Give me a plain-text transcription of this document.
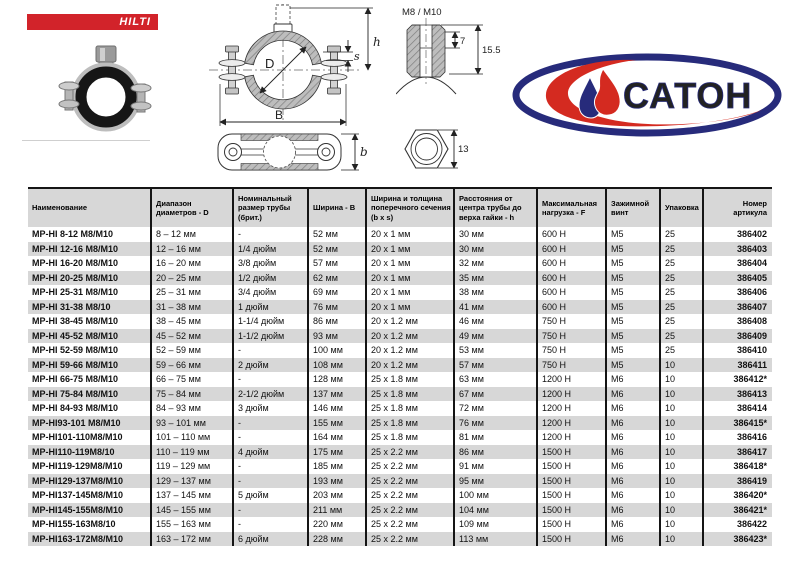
HILTI
D
h
s
B
b
M8 / M10
7
15.5
13
САТОН
Наименование	Диапазон диаметров - D	Номинальный размер трубы (брит.)	Ширина - B	Ширина и толщина поперечного сечения (b x s)	Расстояния от центра трубы до верха гайки - h	Максимальная нагрузка - F	Зажимной винт	Упаковка	Номер артикула
MP-HI 8-12 M8/M10	8 – 12 мм	-	52 мм	20 x 1 мм	30 мм	600 Н	M5	25	386402
MP-HI 12-16 M8/M10	12 – 16 мм	1/4 дюйм	52 мм	20 x 1 мм	30 мм	600 Н	M5	25	386403
MP-HI 16-20 M8/M10	16 – 20 мм	3/8 дюйм	57 мм	20 x 1 мм	32 мм	600 Н	M5	25	386404
MP-HI 20-25 M8/M10	20 – 25 мм	1/2 дюйм	62 мм	20 x 1 мм	35 мм	600 Н	M5	25	386405
MP-HI 25-31 M8/M10	25 – 31 мм	3/4 дюйм	69 мм	20 x 1 мм	38 мм	600 Н	M5	25	386406
MP-HI 31-38 M8/10	31 – 38 мм	1 дюйм	76 мм	20 x 1 мм	41 мм	600 Н	M5	25	386407
MP-HI 38-45 M8/M10	38 – 45 мм	1-1/4 дюйм	86 мм	20 x 1.2 мм	46 мм	750 Н	M5	25	386408
MP-HI 45-52 M8/M10	45 – 52 мм	1-1/2 дюйм	93 мм	20 x 1.2 мм	49 мм	750 Н	M5	25	386409
MP-HI 52-59 M8/M10	52 – 59 мм	-	100 мм	20 x 1.2 мм	53 мм	750 Н	M5	25	386410
MP-HI 59-66 M8/M10	59 – 66 мм	2 дюйм	108 мм	20 x 1.2 мм	57 мм	750 Н	M5	10	386411
MP-HI 66-75 M8/M10	66 – 75 мм	-	128 мм	25 x 1.8 мм	63 мм	1200 Н	M6	10	386412*
MP-HI 75-84 M8/M10	75 – 84 мм	2-1/2 дюйм	137 мм	25 x 1.8 мм	67 мм	1200 Н	M6	10	386413
MP-HI 84-93 M8/M10	84 – 93 мм	3 дюйм	146 мм	25 x 1.8 мм	72 мм	1200 Н	M6	10	386414
MP-HI93-101 M8/M10	93 – 101 мм	-	155 мм	25 x 1.8 мм	76 мм	1200 Н	M6	10	386415*
MP-HI101-110M8/M10	101 – 110 мм	-	164 мм	25 x 1.8 мм	81 мм	1200 Н	M6	10	386416
MP-HI110-119M8/10	110 – 119 мм	4 дюйм	175 мм	25 x 2.2 мм	86 мм	1500 Н	M6	10	386417
MP-HI119-129M8/M10	119 – 129 мм	-	185 мм	25 x 2.2 мм	91 мм	1500 Н	M6	10	386418*
MP-HI129-137M8/M10	129 – 137 мм	-	193 мм	25 x 2.2 мм	95 мм	1500 Н	M6	10	386419
MP-HI137-145M8/M10	137 – 145 мм	5 дюйм	203 мм	25 x 2.2 мм	100 мм	1500 Н	M6	10	386420*
MP-HI145-155M8/M10	145 – 155 мм	-	211 мм	25 x 2.2 мм	104 мм	1500 Н	M6	10	386421*
MP-HI155-163M8/10	155 – 163 мм	-	220 мм	25 x 2.2 мм	109 мм	1500 Н	M6	10	386422
MP-HI163-172M8/M10	163 – 172 мм	6 дюйм	228 мм	25 x 2.2 мм	113 мм	1500 Н	M6	10	386423*
